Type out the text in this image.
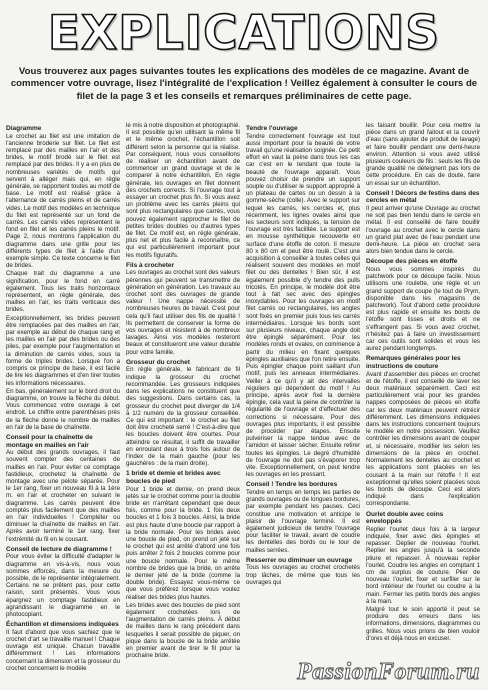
EXPLICATIONS
Vous trouverez aux pages suivantes toutes les explications des modèles de ce magazine. Avant de commencer votre ouvrage, lisez l'intégralité de l'explication ! Veillez également à consulter le cours de filet de la page 3 et les conseils et remarques préliminaires de cette page.
Diagramme

Le crochet au filet est une imitation de l'ancienne broderie sur filet. Le filet est remplacé par des mailles en l'air et des brides, le motif brodé sur le filet est remplacé par des brides. Il y a en plus de nombreuses variétés de motifs qui servent à alléger mais qui, en règle générale, se rapportent toutes au motif de base. Le motif est réalisé grâce à l'alternance de carrés pleins et de carrés vides. Le motif des modèles en technique du filet est représenté sur un fond de carrés. Les carrés vides représentent le fond en filet et les carrés pleins le motif. Page 2, nous montrons l'application du diagramme dans une grille pour les différents types de filet à l'aide d'un exemple simple. Ce texte concerne le filet de brides.

Chaque trait du diagramme a une signification, pour le fond en carré également. Tous les traits horizontaux représentent, en règle générale, des mailles en l'air, les traits verticaux des brides.

Exceptionnellement, les brides peuvent être remplacées par des mailles en l'air, par exemple au début de chaque rang et les mailles en l'air par des brides ou des piles, par exemple pour l'augmentation et la diminution de carrés vides, sous la forme de triples brides. Lorsque l'on a compris ce principe de base, il est facile de lire les diagrammes et d'en tirer toutes les informations nécessaires.

En bas, généralement sur le bord droit du diagramme, on trouve la flèche du début. Vous commencez votre ouvrage à cet endroit. Le chiffre entre parenthèses près de la flèche donne le nombre de mailles en l'air de la base de chaînette.

Conseil pour la chaînette de montage en mailles en l'air

Au début des grands ouvrages, il faut souvent compter des centaines de mailles en l'air. Pour éviter ce comptage fastidieux, crochetez la chaînette de montage avec une pelote séparée. Pour le 1er rang, fixer un nouveau fil à la 1ère m. en l'air et crocheter en suivant le diagramme. Les carrés peuvent être comptés plus facilement que des mailles en l'air individuelles ! Compléter ou diminuer la chaînette de mailles en l'air. Après avoir terminé le 1er rang, fixer l'extrémité du fil en le cousant.

Conseil de lecture de diagramme !

Pour vous éviter la difficulté d'adapter le diagramme en vis-à-vis, nous vous sommes efforcés, dans la mesure du possible, de le représenter intégralement. Certains ne se prêtent pas, pour cette raison, sont présentés. Vous vous épargnez un comptage fastidieux en agrandissant le diagramme en le photocopiant.

Échantillon et dimensions indiquées

Il faut d'abord que vous sachiez que le crochet d'art se travaille manuel ! Chaque ouvrage est unique. Chacun travaille différemment ! Les informations concernant la dimension et la grosseur du crochet concernent le modèle

le mis à notre disposition et photographié. Il est possible qu'en utilisant la même fil et le même crochet, l'échantillon soit différent selon la personne qui la réalise. Par conséquent, nous vous conseillons de réaliser un échantillon avant de commencer un grand ouvrage et de le comparer à notre échantillon. En règle générale, les ouvrages en filet donnent des crochets corrects. Si l'ouvrage tout à essayer un crochet plus fin. Si vous avez un problème avec les carrés pleins qui sont plus rectangulaires que carrés, vous pouvez également rapprocher le filet de petites brides doubles ou d'autres types de filet. Ce motif est, en règle générale, plus net et plus facile à reconnaître, ce qui est particulièrement important pour les motifs figuratifs.

Fils à crocheter

Les ouvrages au crochet sont des valeurs pérennes qui peuvent se transmettre de génération en génération. Les travaux au crochet sont des ouvrages de grande valeur ! Une nappe nécessite de nombreuses heures de travail. C'est pour cela qu'il faut utiliser des fils de qualité ! Ils permettent de conserver la forme de vos ouvrages et résistent à de nombreux lavages. Ainsi vos modèles resteront beaux et constitueront une valeur durable pour votre famille.

Grosseur du crochet

En règle générale, le fabricant de fil indique la grosseur du crochet recommandée. Les grosseurs indiquées dans les explications ne constituent que des suggestions. Dans certains cas, la grosseur du crochet peut diverger de 1/4 à 1/2 numéro de la grosseur conseillée. Ce qui est important : le crochet au filet doit être crocheté serré ! C'est-à-dire que les boucles doivent être courtes. Pour atteindre ce résultat, il suffit de travailler en enroulant deux à trois fois autour de l'index de la main gauche (pour les gauchères : de la main droite).

1 bride et demie et brides avec boucles de pied

Pour 1 bride et demie, on prend deux jetés sur le crochet comme pour la double bride en n'arrêtant cependant que deux fois, comme pour la bride. 1 fois deux boucles et 1 fois 3 boucles. Ainsi, la bride est plus haute d'une boucle par rapport à la bride normale. Pour les brides avec une boucle de pied, on prend un jeté sur le crochet qui est arrêté d'abord une fois puis arrêter 2 fois 2 boucles comme pour une boucle normale. Pour le même nombre de brides que la bride, on arrête le dernier jeté de la bride (comme la double bride). Essayez vous-même ce que vous préférez lorsque vous voulez réaliser des brides plus hautes.

Les brides avec des boucles de pied sont également crochetées lors de l'augmentation de carrés pleins. À début de mailles dans le rang précédent dans lesquelles il serait possible de piquer, on pique dans la boucle de la bride arrêtée en premier avant de tirer le fil pour la prochaine bride.

Tendre l'ouvrage

Tendre correctement l'ouvrage est tout aussi important pour la beauté de votre travail qu'une réalisation soignée. Ce petit effort en vaut la peine dans tous les cas car c'est en le tendant que toute la beauté de l'ouvrage apparaît. Vous pouvez choisir de prendre un support souple ou d'utiliser le support approprié à un plateau de cartes ou un dessin à la gomme-sèche (colle). Avec le support sur lequel les carrés, les cercles et, plus récemment, les lignes ovales ainsi que les secteurs sont indiqués, la tension de l'ouvrage est très facilitée. Le support est en mousse synthétique recouverte en surface d'une étoffe de coton. Il mesure 80 x 80 cm et peut être roulé. C'est une acquisition à conseiller à toutes celles qui réalisent souvent des modèles en motif filet ou des dentelles ! Bien sûr, il est également possible d'y tendre des pulls tricotés. En principe, le modèle doit être tout à fait sec avec des épingles inoxydables. Pour les ouvrages en motif filet carrés ou rectangulaires, les angles sont fixés en premier puis tous les carrés intermédiaires. Lorsque les bords sont sur plusieurs niveaux, chaque angle doit être épinglé séparément. Pour les modèles ronds et ovales, on commence à partir du milieu en fixant quelques épingles auxiliaires que l'on retire ensuite. Puis épingler chaque point saillant d'un motif, puis les anneaux intermédiaires. Veiller à ce qu'il y ait des intervalles réguliers qui dépendent du motif ! Au principe, après avoir fixé la dernière épingle, cela vaut la peine de contrôler la régularité de l'ouvrage et d'effectuer des corrections si nécessaire. Pour des ouvrages plus importants, il est possible de procéder par étapes. Ensuite pulvériser la nappe tendue avec de l'amidon et laisser sécher. Ensuite retirer toutes les épingles. Le degré d'humidité de l'ouvrage ne doit pas s'évaporer trop vite. Exceptionnellement, on peut tendre les ouvrages en les pressant.

Conseil ! Tendre les bordures

Tendre en temps en temps les parties de grands ouvrages ou de longues bordures, par exemple pendant les pauses. Ceci constitue une motivation et anticipe le plaisir de l'ouvrage terminé. Il est également judicieux de tendre l'ouvrage pour faciliter le travail, avant de coudre les dentelles des bords ou le tour de mailles serrées.

Resserrer ou diminuer un ouvrage

Tous les ouvrages au crochet crochetés trop lâches, de même que tous les ouvrages qui

les faisant bouillir. Pour cela mettre la pièce dans un grand faitout et la couvrir d'eau (sans ajouter de produit de lavage) et faire bouillir pendant une demi-heure environ. Attention si vous avez utilisé plusieurs couleurs de fils : seuls les fils de grande qualité ne déteignent pas lors de cette procédure. En cas de doute, faire un essai sur un échantillon.

Conseil ! Décors de festins dans des cercles en métal

Il peut arriver qu'une Ouvrage au crochet ne soit pas bien tendu dans le cercle en métal. Il est conseillé de faire bouillir l'ouvrage au crochet avec le cercle dans un grand plat avec de l'eau pendant une demi-heure. La pièce en crochet sera alors bien tendue dans le cercle.

Découpe des pièces en étoffe

Nous vous sommes inspirés du patchwork pour ce découpe facile. Nous utilisons une roulette, une règle et un grand support de coupe (le tout de Prym, disponible dans les magasins de patchwork). Tout d'abord cette procédure est plus rapide et ensuite les bords de l'étoffe sont lisses et droits et ne s'effrangent pas. Si vous avez crochet, n'hésitez pas à faire un investissement car ces outils sont solides et vous les aurez pendant longtemps.

Remarques générales pour les instructions de couture

Avant d'assembler des pièces en crochet et de l'étoffe, il est conseillé de laver les deux matériaux séparément. Ceci est particulièrement vrai pour les grandes nappes composées de pièces en étoffe car les deux matériaux peuvent rétrécir différemment. Les dimensions indiquées dans les instructions concernent toujours le modèle en notre possession. Veuillez contrôler les dimensions avant de couper et, si nécessaire, modifier les selon les dimensions de la pièce en crochet. Normalement les dentelles au crochet et les applications sont placées en les cousant à la main sur l'étoffe ! Il est exceptionnel qu'elles soient placées sous les bords de découpe. Ceci est alors indiqué dans l'explication correspondante.

Ourlet double avec coins enveloppés

Replier l'ourlet deux fois à la largeur indiquée, fixer avec des épingles et repasser. Déplier de nouveau l'ourlet. Replier les angles jusqu'à la seconde pliure et repasser. À nouveau replier l'ourlet. Coudre les angles en comptant 1 cm de surplus de couture. Plier de nouveau l'ourlet, fixer et surfiler sur le bord intérieur de l'ourlet ou coudre à la main. Fermer les petits bords des angles à la main.

Malgré tout le soin apporté il peut se produire des erreurs dans les informations, dimensions, diagrammes ou grilles. Nous vous prions de bien vouloir d'ores et déjà nous en excuser.

PassionForum.ru
